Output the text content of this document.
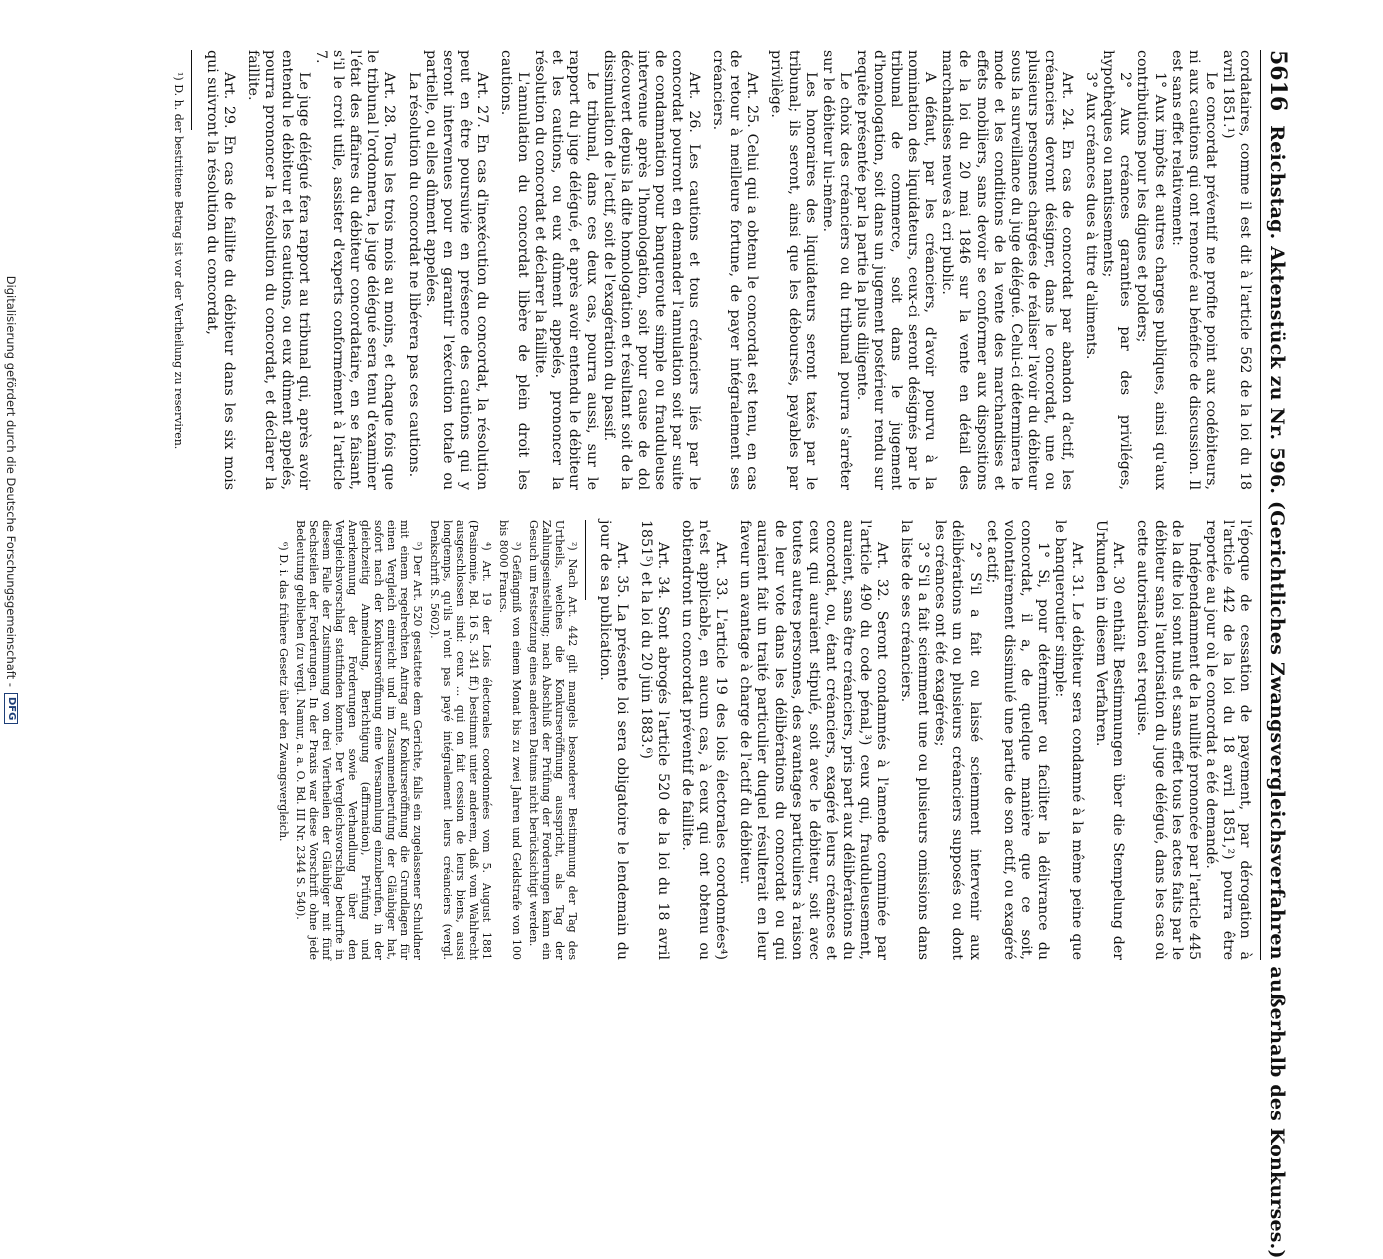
5616
Reichstag. Aktenstück zu Nr. 596. (Gerichtliches Zwangsvergleichsverfahren außerhalb des Konkurses.)

cordataires, comme il est dit à l'article 562 de la loi du 18 avril 1851.¹)

Le concordat préventif ne profite point aux codébiteurs, ni aux cautions qui ont renoncé au bénéfice de discussion. Il est sans effet relativement:

1° Aux impôts et autres charges publiques, ainsi qu'aux contributions pour les digues et polders;

2° Aux créances garanties par des priviléges, hypothèques ou nantissements;

3° Aux créances dues à titre d'aliments.

Art. 24. En cas de concordat par abandon d'actif, les créanciers devront désigner, dans le concordat, une ou plusieurs personnes chargées de réaliser l'avoir du débiteur sous la surveillance du juge délégué. Celui-ci déterminera le mode et les conditions de la vente des marchandises et effets mobiliers, sans devoir se conformer aux dispositions de la loi du 20 mai 1846 sur la vente en détail des marchandises neuves à cri public.

A défaut, par les créanciers, d'avoir pourvu à la nomination des liquidateurs, ceux-ci seront désignés par le tribunal de commerce, soit dans le jugement d'homologation, soit dans un jugement postérieur rendu sur requête présentée par la partie la plus diligente.

Le choix des créanciers ou du tribunal pourra s'arrêter sur le débiteur lui-même.

Les honoraires des liquidateurs seront taxés par le tribunal; ils seront, ainsi que les déboursés, payables par privilège.

Art. 25. Celui qui a obtenu le concordat est tenu, en cas de retour à meilleure fortune, de payer intégralement ses créanciers.

Art. 26. Les cautions et tous créanciers liés par le concordat pourront en demander l'annulation soit par suite de condamnation pour banqueroute simple ou frauduleuse intervenue après l'homologation, soit pour cause de dol découvert depuis la dite homologation et résultant soit de la dissimulation de l'actif, soit de l'exagération du passif.

Le tribunal, dans ces deux cas, pourra aussi, sur le rapport du juge délégué, et après avoir entendu le débiteur et les cautions, ou eux dûment appelés, prononcer la résolution du concordat et déclarer la faillite.

L'annulation du concordat libère de plein droit les cautions.

Art. 27. En cas d'inexécution du concordat, la résolution peut en être poursuivie en présence des cautions qui y seront intervenues pour en garantir l'exécution totale ou partielle, ou elles dûment appelées.

La résolution du concordat ne libérera pas ces cautions.

Art. 28. Tous les trois mois au moins, et chaque fois que le tribunal l'ordonnera, le juge délégué sera tenu d'examiner l'état des affaires du débiteur concordataire, en se faisant, s'il le croit utile, assister d'experts conformément à l'article 7.

Le juge délégué fera rapport au tribunal qui, après avoir entendu le débiteur et les cautions, ou eux dûment appelés, pourra prononcer la résolution du concordat, et déclarer la faillite.

Art. 29. En cas de faillite du débiteur dans les six mois qui suivront la résolution du concordat,

¹) D. h. der bestrittene Betrag ist vor der Vertheilung zu reserviren.

l'époque de cessation de payement, par dérogation à l'article 442 de la loi du 18 avril 1851,²) pourra être reportée au jour où le concordat a été demandé.

Indépendamment de la nullité prononcée par l'article 445 de la dite loi sont nuls et sans effet tous les actes faits par le débiteur sans l'autorisation du juge délégué, dans les cas où cette autorisation est requise.

Art. 30 enthält Bestimmungen über die Stempelung der Urkunden in diesem Verfahren.

Art. 31. Le débiteur sera condamné à la même peine que le banqueroutier simple:

1° Si, pour déterminer ou faciliter la délivrance du concordat, il a, de quelque manière que ce soit, volontairement dissimulé une partie de son actif, ou exagéré cet actif;

2° S'il a fait ou laissé sciemment intervenir aux délibérations un ou plusieurs créanciers supposés ou dont les créances ont été exagérées;

3° S'il a fait sciemment une ou plusieurs omissions dans la liste de ses créanciers.

Art. 32. Seront condamnés à l'amende comminée par l'article 490 du code pénal,³) ceux qui, frauduleusement, auraient, sans être créanciers, pris part aux délibérations du concordat, ou, étant créanciers, exagéré leurs créances et ceux qui auraient stipulé, soit avec le débiteur, soit avec toutes autres personnes, des avantages particuliers à raison de leur vote dans les délibérations du concordat ou qui auraient fait un traité particulier duquel résulterait en leur faveur un avantage à charge de l'actif du débiteur.

Art. 33. L'article 19 des lois électorales coordonnées⁴) n'est applicable, en aucun cas, à ceux qui ont obtenu ou obtiendront un concordat préventif de faillite.

Art. 34. Sont abrogés l'article 520 de la loi du 18 avril 1851⁵) et la loi du 20 juin 1883.⁶)

Art. 35. La présente loi sera obligatoire le lendemain du jour de sa publication.

²) Nach Art. 442 gilt mangels besonderer Bestimmung der Tag des Urtheils, welches die Konkurseröffnung ausspricht, als Tag der Zahlungseinstellung; nach Abschluß der Prüfung der Forderungen kann ein Gesuch um Festsetzung eines anderen Datums nicht berücksichtigt werden.

³) Gefängniß von einem Monat bis zu zwei Jahren und Geldstrafe von 100 bis 8000 Francs.

⁴) Art. 19 der Lois électorales coordonnées vom 5. August 1881 (Pasinomie, Bd. 16 S. 341 ff.) bestimmt unter anderem, daß vom Wahlrecht ausgeschlossen sind: ceux ... qui on fait cession de leurs biens, aussi longtemps, qu'ils n'ont pas payé intégralement leurs créanciers (vergl. Denkschrift S. 5602).

⁵) Der Art. 520 gestattete dem Gerichte, falls ein zugelassener Schuldner mit einem regelrechten Antrag auf Konkurseröffnung die Grundlagen für einen Vergleich einreicht und im Zusammenberufung der Gläubiger hat, sofort nach der Konkurseröffnung eine Versammlung einzuberufen, in der gleichzeitig Anmeldung, Berichtigung (affirmation), Prüfung und Anerkennung der Forderungen sowie Verhandlung über den Vergleichsvorschlag stattfinden konnte. Der Vergleichsvorschlag bedurfte in diesem Falle der Zustimmung von drei Viertheilen der Gläubiger mit fünf Sechsteilen der Forderungen. In der Praxis war diese Vorschrift ohne jede Bedeutung geblieben (zu vergl. Namur, a. a. O. Bd. III Nr. 2344 S. 540).

⁶) D. i. das frühere Gesetz über den Zwangsvergleich.

Digitalisierung gefördert durch die Deutsche Forschungsgemeinschaft -
DFG
